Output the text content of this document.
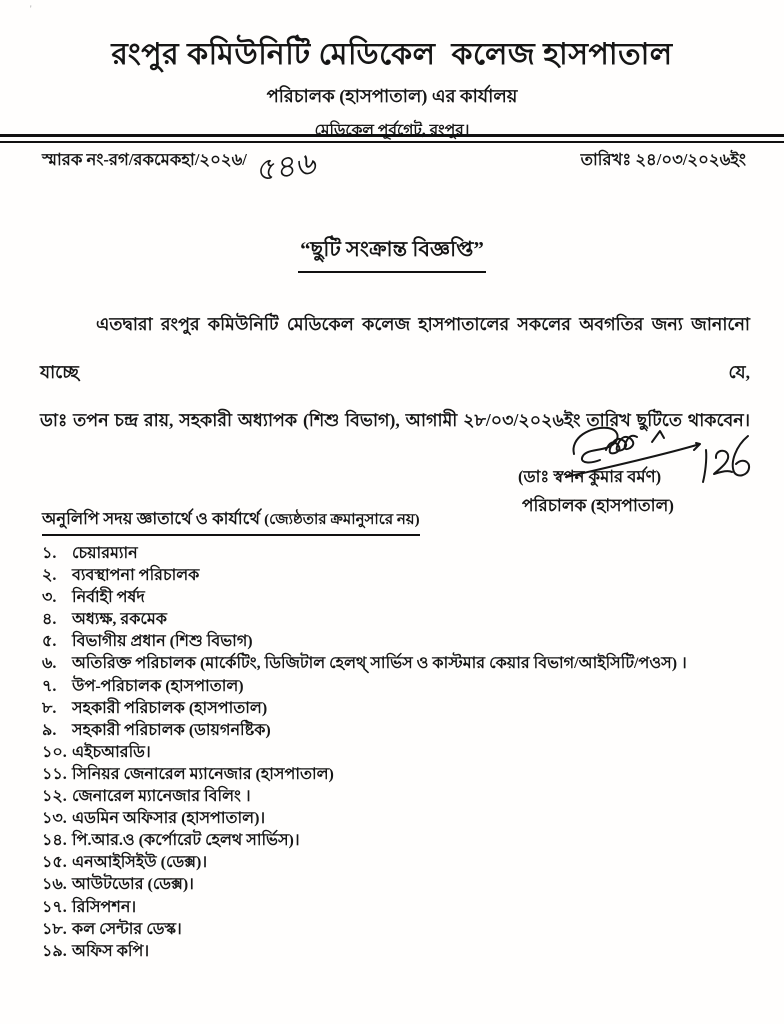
'
রংপুর কমিউনিটি মেডিকেল  কলেজ হাসপাতাল
পরিচালক (হাসপাতাল) এর কার্যালয়
মেডিকেল পূর্বগেট, রংপুর।
স্মারক নং-রগ/রকমেকহা/২০২৬/ ৫৪৬	তারিখঃ ২৪/০৩/২০২৬ইং
“ছুটি সংক্রান্ত বিজ্ঞপ্তি”
এতদ্বারা রংপুর কমিউনিটি মেডিকেল কলেজ হাসপাতালের সকলের অবগতির জন্য জানানো যাচ্ছে যে,
ডাঃ তপন চন্দ্র রায়, সহকারী অধ্যাপক (শিশু বিভাগ), আগামী ২৮/০৩/২০২৬ইং তারিখ ছুটিতে থাকবেন।
(ডাঃ স্বপন কুমার বর্মণ)
পরিচালক (হাসপাতাল)
অনুলিপি সদয় জ্ঞাতার্থে ও কার্যার্থে (জ্যেষ্ঠতার ক্রমানুসারে নয়)
১. চেয়ারম্যান
২. ব্যবস্থাপনা পরিচালক
৩. নির্বাহী পর্ষদ
৪. অধ্যক্ষ, রকমেক
৫. বিভাগীয় প্রধান (শিশু বিভাগ)
৬. অতিরিক্ত পরিচালক (মার্কেটিং, ডিজিটাল হেলথ্ সার্ভিস ও কাস্টমার কেয়ার বিভাগ/আইসিটি/পওস) ।
৭. উপ-পরিচালক (হাসপাতাল)
৮. সহকারী পরিচালক (হাসপাতাল)
৯. সহকারী পরিচালক (ডায়গনষ্টিক)
১০. এইচআরডি।
১১. সিনিয়র জেনারেল ম্যানেজার (হাসপাতাল)
১২. জেনারেল ম্যানেজার বিলিং ।
১৩. এডমিন অফিসার (হাসপাতাল)।
১৪. পি.আর.ও (কর্পোরেট হেলথ সার্ভিস)।
১৫. এনআইসিইউ (ডেক্স)।
১৬. আউটডোর (ডেক্স)।
১৭. রিসিপশন।
১৮. কল সেন্টার ডেস্ক।
১৯. অফিস কপি।
